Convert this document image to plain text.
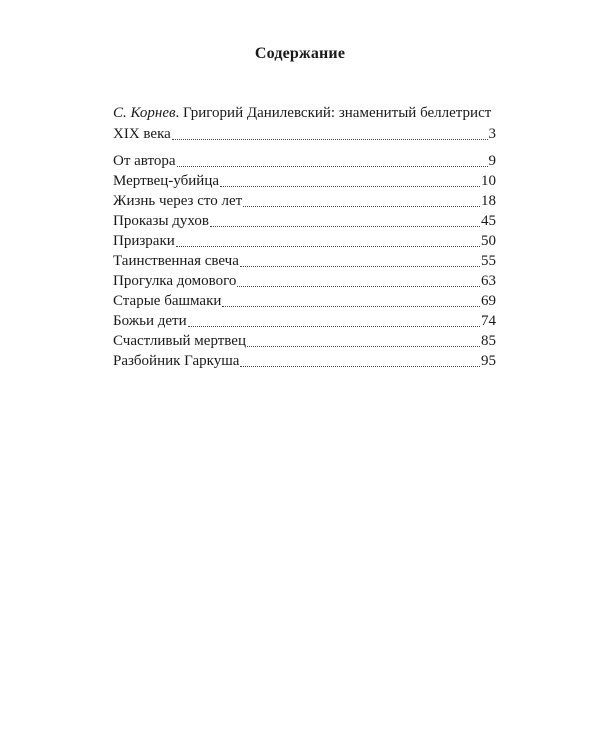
Содержание
С. Корнев. Григорий Данилевский: знаменитый беллетрист
XIX века	3
От автора	9
Мертвец-убийца	10
Жизнь через сто лет	18
Проказы духов	45
Призраки	50
Таинственная свеча	55
Прогулка домового	63
Старые башмаки	69
Божьи дети	74
Счастливый мертвец	85
Разбойник Гаркуша	95
